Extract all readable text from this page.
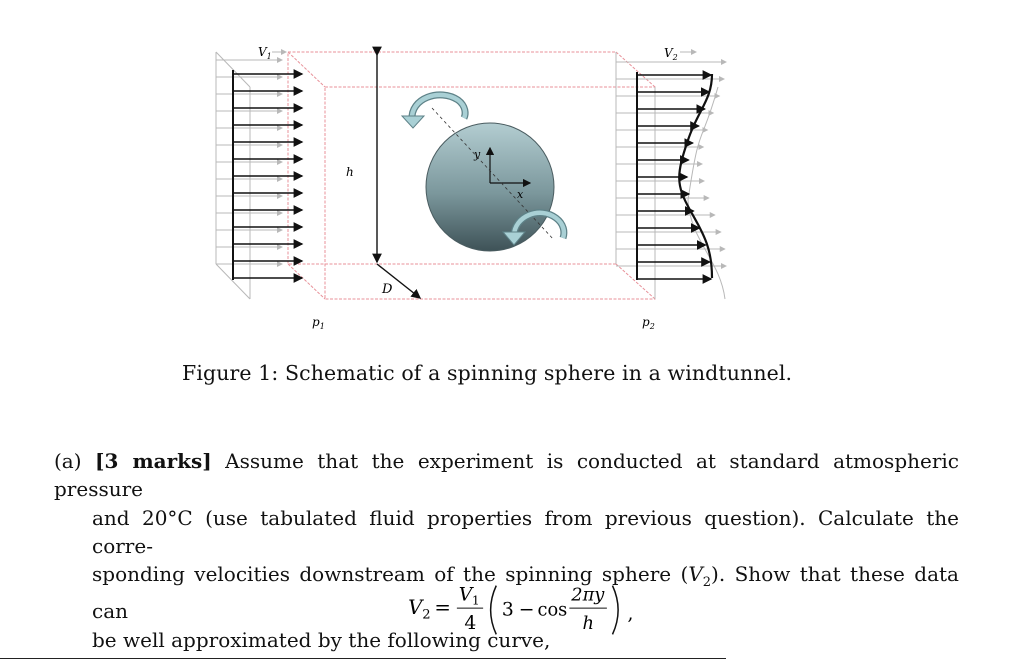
h
D
y
x
$V_1$	$V_2$
$p_1$	$p_2$
Figure 1: Schematic of a spinning sphere in a windtunnel.
(a) [3 marks] Assume that the experiment is conducted at standard atmospheric pressure
and 20°C (use tabulated fluid properties from previous question). Calculate the corre-
sponding velocities downstream of the spinning sphere $(V_2)$. Show that these data can
be well approximated by the following curve,
V 2 =
V 1
4
3 − cos
2πy
h ,
